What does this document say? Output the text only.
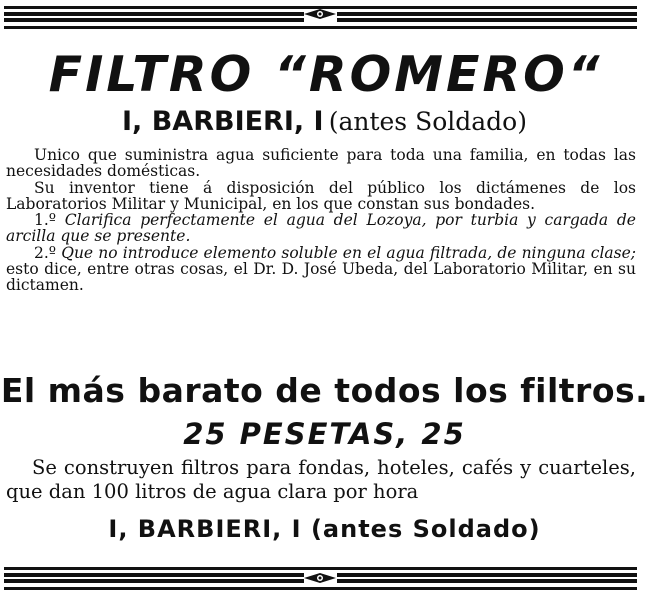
FILTRO “ROMERO“
I, BARBIERI, I (antes Soldado)

Unico que suministra agua suficiente para toda una familia, en todas las necesidades domésticas.

Su inventor tiene á disposición del público los dictámenes de los Laboratorios Militar y Municipal, en los que constan sus bondades.

1.º Clarifica perfectamente el agua del Lozoya, por turbia y cargada de arcilla que se presente.

2.º Que no introduce elemento soluble en el agua filtrada, de ninguna clase; esto dice, entre otras cosas, el Dr. D. José Ubeda, del Laboratorio Militar, en su dictamen.

El más barato de todos los filtros.
25 PESETAS, 25

Se construyen filtros para fondas, hoteles, cafés y cuarteles, que dan 100 litros de agua clara por hora

I, BARBIERI, I (antes Soldado)
